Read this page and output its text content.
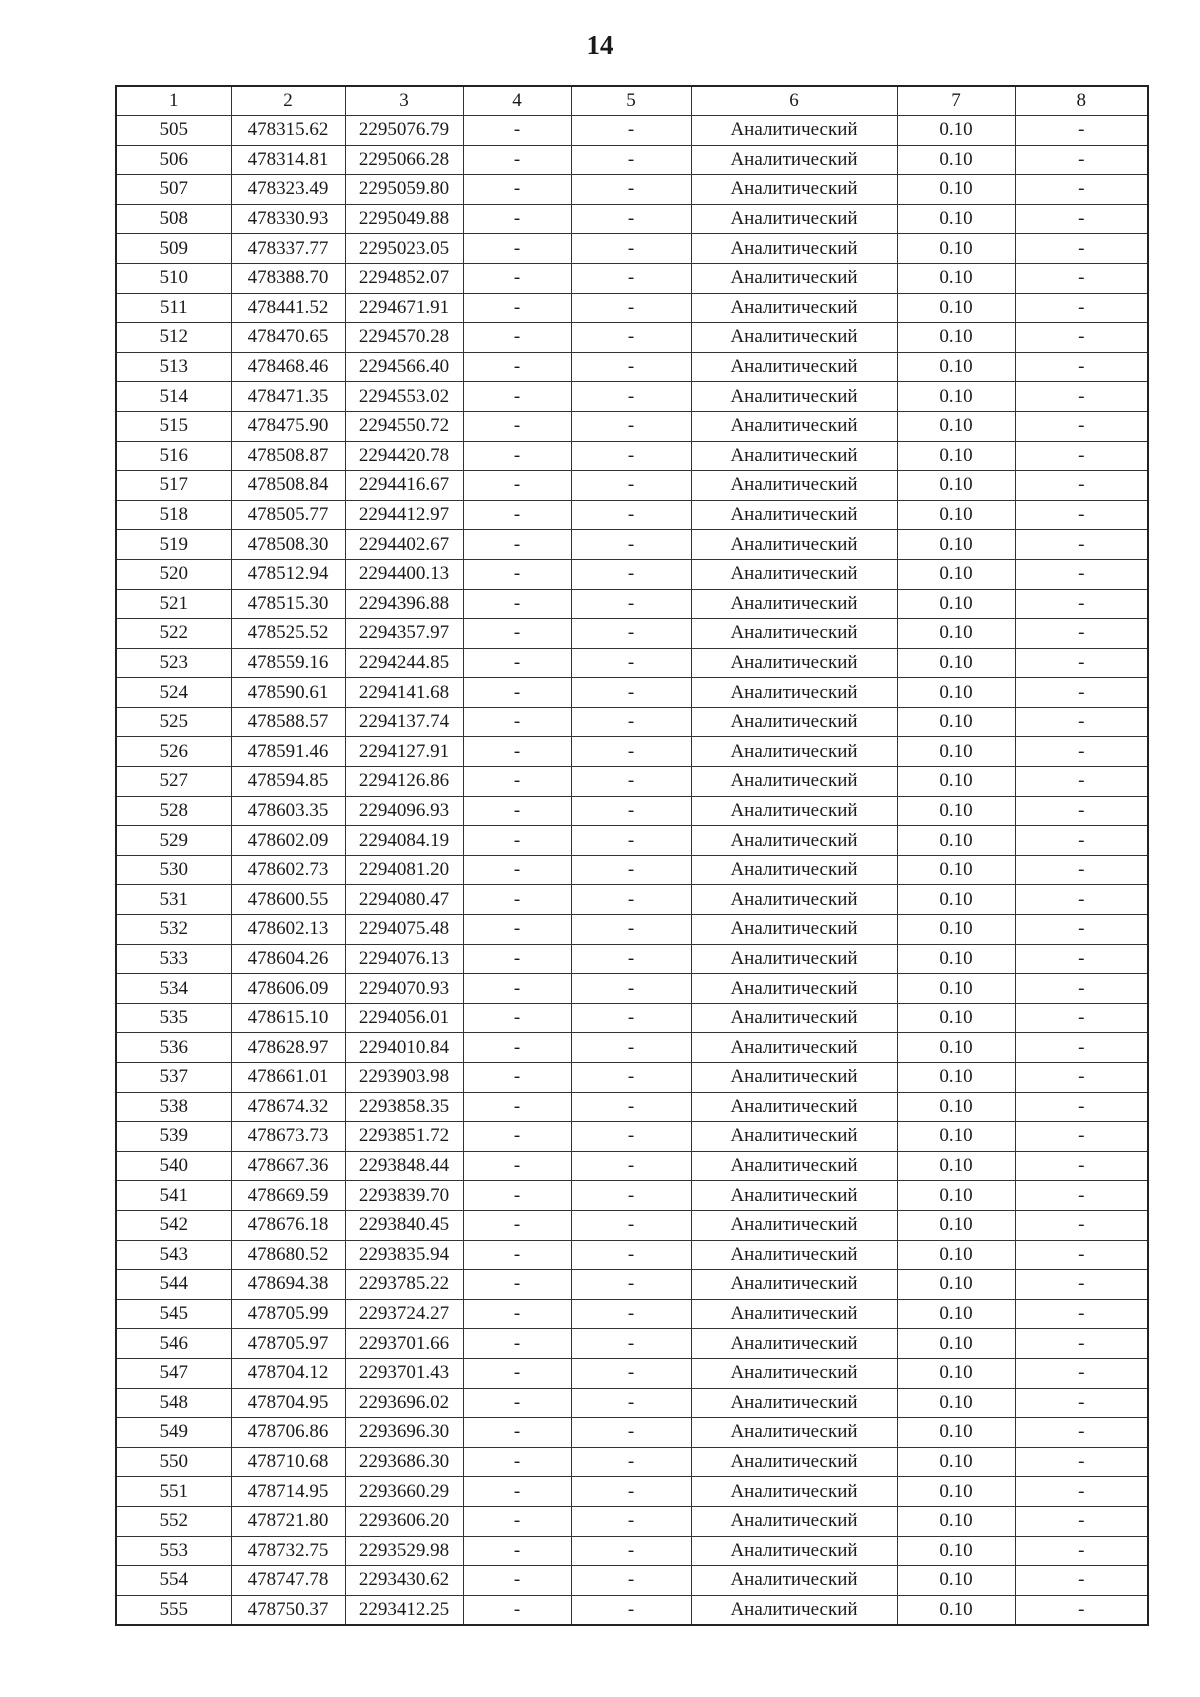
14
1	2	3	4	5	6	7	8
505	478315.62	2295076.79	-	-	Аналитический	0.10	-
506	478314.81	2295066.28	-	-	Аналитический	0.10	-
507	478323.49	2295059.80	-	-	Аналитический	0.10	-
508	478330.93	2295049.88	-	-	Аналитический	0.10	-
509	478337.77	2295023.05	-	-	Аналитический	0.10	-
510	478388.70	2294852.07	-	-	Аналитический	0.10	-
511	478441.52	2294671.91	-	-	Аналитический	0.10	-
512	478470.65	2294570.28	-	-	Аналитический	0.10	-
513	478468.46	2294566.40	-	-	Аналитический	0.10	-
514	478471.35	2294553.02	-	-	Аналитический	0.10	-
515	478475.90	2294550.72	-	-	Аналитический	0.10	-
516	478508.87	2294420.78	-	-	Аналитический	0.10	-
517	478508.84	2294416.67	-	-	Аналитический	0.10	-
518	478505.77	2294412.97	-	-	Аналитический	0.10	-
519	478508.30	2294402.67	-	-	Аналитический	0.10	-
520	478512.94	2294400.13	-	-	Аналитический	0.10	-
521	478515.30	2294396.88	-	-	Аналитический	0.10	-
522	478525.52	2294357.97	-	-	Аналитический	0.10	-
523	478559.16	2294244.85	-	-	Аналитический	0.10	-
524	478590.61	2294141.68	-	-	Аналитический	0.10	-
525	478588.57	2294137.74	-	-	Аналитический	0.10	-
526	478591.46	2294127.91	-	-	Аналитический	0.10	-
527	478594.85	2294126.86	-	-	Аналитический	0.10	-
528	478603.35	2294096.93	-	-	Аналитический	0.10	-
529	478602.09	2294084.19	-	-	Аналитический	0.10	-
530	478602.73	2294081.20	-	-	Аналитический	0.10	-
531	478600.55	2294080.47	-	-	Аналитический	0.10	-
532	478602.13	2294075.48	-	-	Аналитический	0.10	-
533	478604.26	2294076.13	-	-	Аналитический	0.10	-
534	478606.09	2294070.93	-	-	Аналитический	0.10	-
535	478615.10	2294056.01	-	-	Аналитический	0.10	-
536	478628.97	2294010.84	-	-	Аналитический	0.10	-
537	478661.01	2293903.98	-	-	Аналитический	0.10	-
538	478674.32	2293858.35	-	-	Аналитический	0.10	-
539	478673.73	2293851.72	-	-	Аналитический	0.10	-
540	478667.36	2293848.44	-	-	Аналитический	0.10	-
541	478669.59	2293839.70	-	-	Аналитический	0.10	-
542	478676.18	2293840.45	-	-	Аналитический	0.10	-
543	478680.52	2293835.94	-	-	Аналитический	0.10	-
544	478694.38	2293785.22	-	-	Аналитический	0.10	-
545	478705.99	2293724.27	-	-	Аналитический	0.10	-
546	478705.97	2293701.66	-	-	Аналитический	0.10	-
547	478704.12	2293701.43	-	-	Аналитический	0.10	-
548	478704.95	2293696.02	-	-	Аналитический	0.10	-
549	478706.86	2293696.30	-	-	Аналитический	0.10	-
550	478710.68	2293686.30	-	-	Аналитический	0.10	-
551	478714.95	2293660.29	-	-	Аналитический	0.10	-
552	478721.80	2293606.20	-	-	Аналитический	0.10	-
553	478732.75	2293529.98	-	-	Аналитический	0.10	-
554	478747.78	2293430.62	-	-	Аналитический	0.10	-
555	478750.37	2293412.25	-	-	Аналитический	0.10	-
